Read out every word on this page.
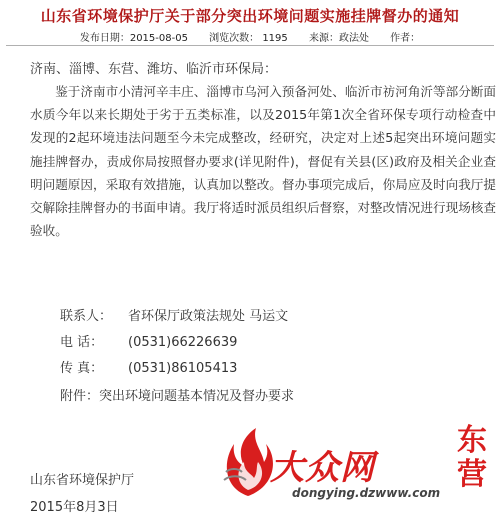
山东省环境保护厅关于部分突出环境问题实施挂牌督办的通知
发布日期：2015-08-05 浏览次数： 1195 来源：政法处 作者：
济南、淄博、东营、潍坊、临沂市环保局：
鉴于济南市小清河辛丰庄、淄博市乌河入预备河处、临沂市祊河角沂等部分断面水质今年以来长期处于劣于五类标准，以及2015年第1次全省环保专项行动检查中发现的2起环境违法问题至今未完成整改，经研究，决定对上述5起突出环境问题实施挂牌督办，责成你局按照督办要求(详见附件)，督促有关县(区)政府及相关企业查明问题原因，采取有效措施，认真加以整改。督办事项完成后，你局应及时向我厅提交解除挂牌督办的书面申请。我厅将适时派员组织后督察，对整改情况进行现场核查验收。
联系人： 省环保厅政策法规处 马运文
电 话： (0531)66226639
传 真： (0531)86105413
附件：突出环境问题基本情况及督办要求
大众网
东营
dongying.dzwww.com
山东省环境保护厅
2015年8月3日
